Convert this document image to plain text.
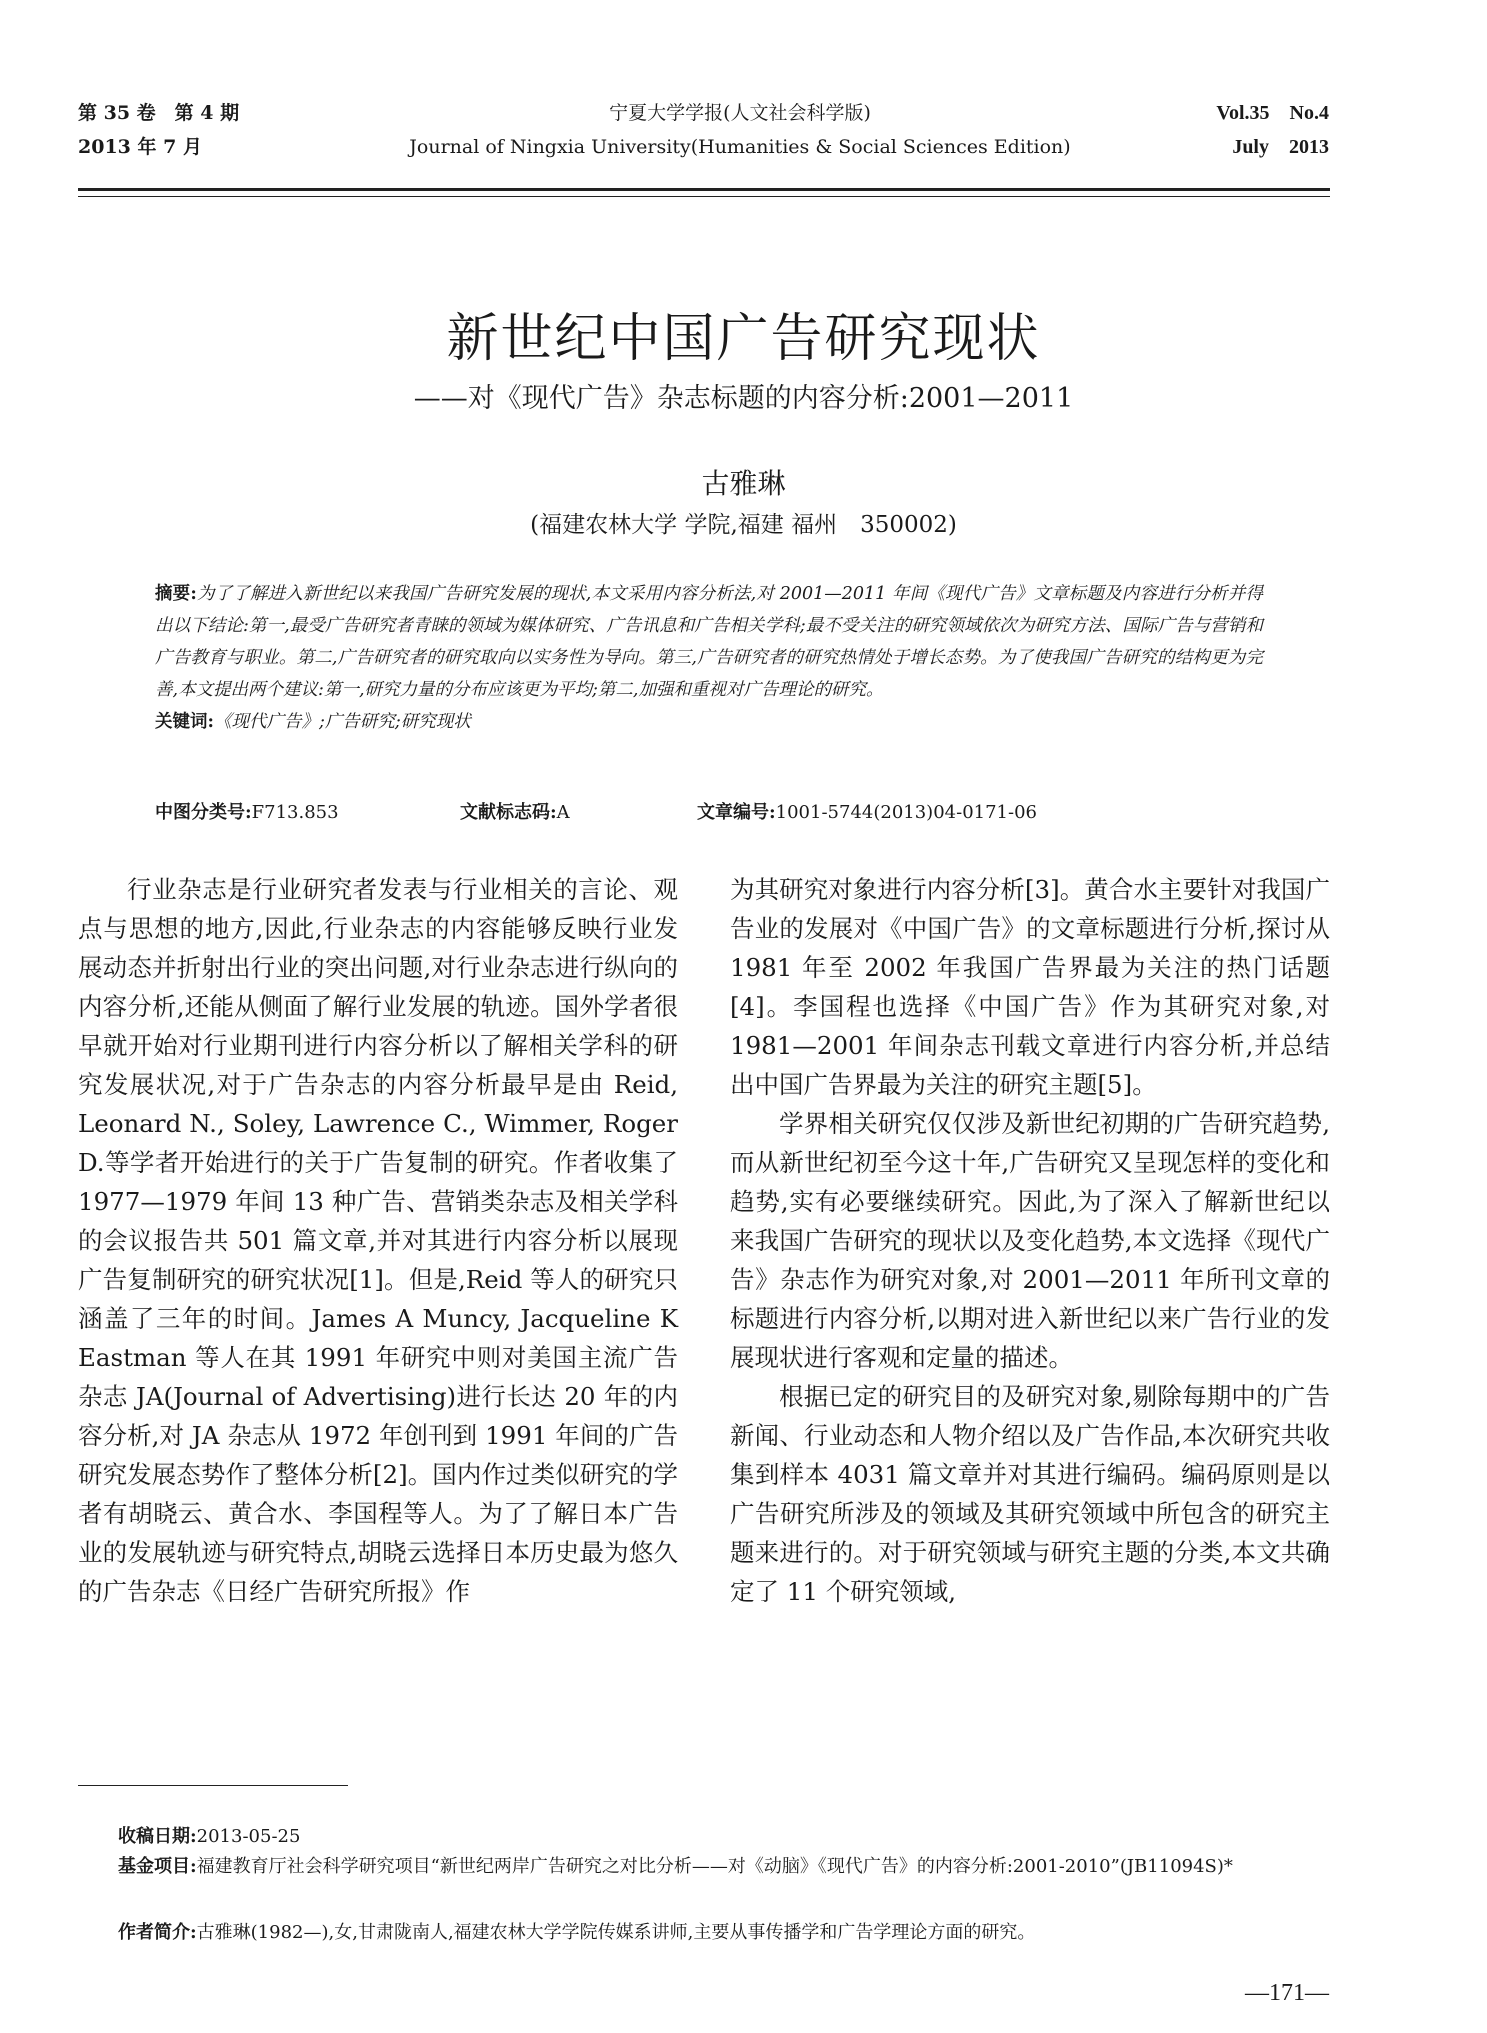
第 35 卷　第 4 期
2013 年 7 月
宁夏大学学报(人文社会科学版)
Journal of Ningxia University(Humanities & Social Sciences Edition)
Vol.35　No.4
July　2013
新世纪中国广告研究现状
——对《现代广告》杂志标题的内容分析:2001—2011
古雅琳
(福建农林大学 学院,福建 福州　350002)
摘要:为了了解进入新世纪以来我国广告研究发展的现状,本文采用内容分析法,对 2001—2011 年间《现代广告》文章标题及内容进行分析并得出以下结论:第一,最受广告研究者青睐的领域为媒体研究、广告讯息和广告相关学科;最不受关注的研究领域依次为研究方法、国际广告与营销和广告教育与职业。第二,广告研究者的研究取向以实务性为导向。第三,广告研究者的研究热情处于增长态势。为了使我国广告研究的结构更为完善,本文提出两个建议:第一,研究力量的分布应该更为平均;第二,加强和重视对广告理论的研究。
关键词:《现代广告》;广告研究;研究现状
中图分类号:F713.853	文献标志码:A	文章编号:1001-5744(2013)04-0171-06

行业杂志是行业研究者发表与行业相关的言论、观点与思想的地方,因此,行业杂志的内容能够反映行业发展动态并折射出行业的突出问题,对行业杂志进行纵向的内容分析,还能从侧面了解行业发展的轨迹。国外学者很早就开始对行业期刊进行内容分析以了解相关学科的研究发展状况,对于广告杂志的内容分析最早是由 Reid, Leonard N., Soley, Lawrence C., Wimmer, Roger D.等学者开始进行的关于广告复制的研究。作者收集了 1977—1979 年间 13 种广告、营销类杂志及相关学科的会议报告共 501 篇文章,并对其进行内容分析以展现广告复制研究的研究状况[1]。但是,Reid 等人的研究只涵盖了三年的时间。James A Muncy, Jacqueline K Eastman 等人在其 1991 年研究中则对美国主流广告杂志 JA(Journal of Advertising)进行长达 20 年的内容分析,对 JA 杂志从 1972 年创刊到 1991 年间的广告研究发展态势作了整体分析[2]。国内作过类似研究的学者有胡晓云、黄合水、李国程等人。为了了解日本广告业的发展轨迹与研究特点,胡晓云选择日本历史最为悠久的广告杂志《日经广告研究所报》作

为其研究对象进行内容分析[3]。黄合水主要针对我国广告业的发展对《中国广告》的文章标题进行分析,探讨从 1981 年至 2002 年我国广告界最为关注的热门话题[4]。李国程也选择《中国广告》作为其研究对象,对 1981—2001 年间杂志刊载文章进行内容分析,并总结出中国广告界最为关注的研究主题[5]。

学界相关研究仅仅涉及新世纪初期的广告研究趋势,而从新世纪初至今这十年,广告研究又呈现怎样的变化和趋势,实有必要继续研究。因此,为了深入了解新世纪以来我国广告研究的现状以及变化趋势,本文选择《现代广告》杂志作为研究对象,对 2001—2011 年所刊文章的标题进行内容分析,以期对进入新世纪以来广告行业的发展现状进行客观和定量的描述。

根据已定的研究目的及研究对象,剔除每期中的广告新闻、行业动态和人物介绍以及广告作品,本次研究共收集到样本 4031 篇文章并对其进行编码。编码原则是以广告研究所涉及的领域及其研究领域中所包含的研究主题来进行的。对于研究领域与研究主题的分类,本文共确定了 11 个研究领域,

收稿日期:2013-05-25
基金项目:福建教育厅社会科学研究项目“新世纪两岸广告研究之对比分析——对《动脑》《现代广告》的内容分析:2001-2010”(JB11094S)*
作者简介:古雅琳(1982—),女,甘肃陇南人,福建农林大学学院传媒系讲师,主要从事传播学和广告学理论方面的研究。
—171—
